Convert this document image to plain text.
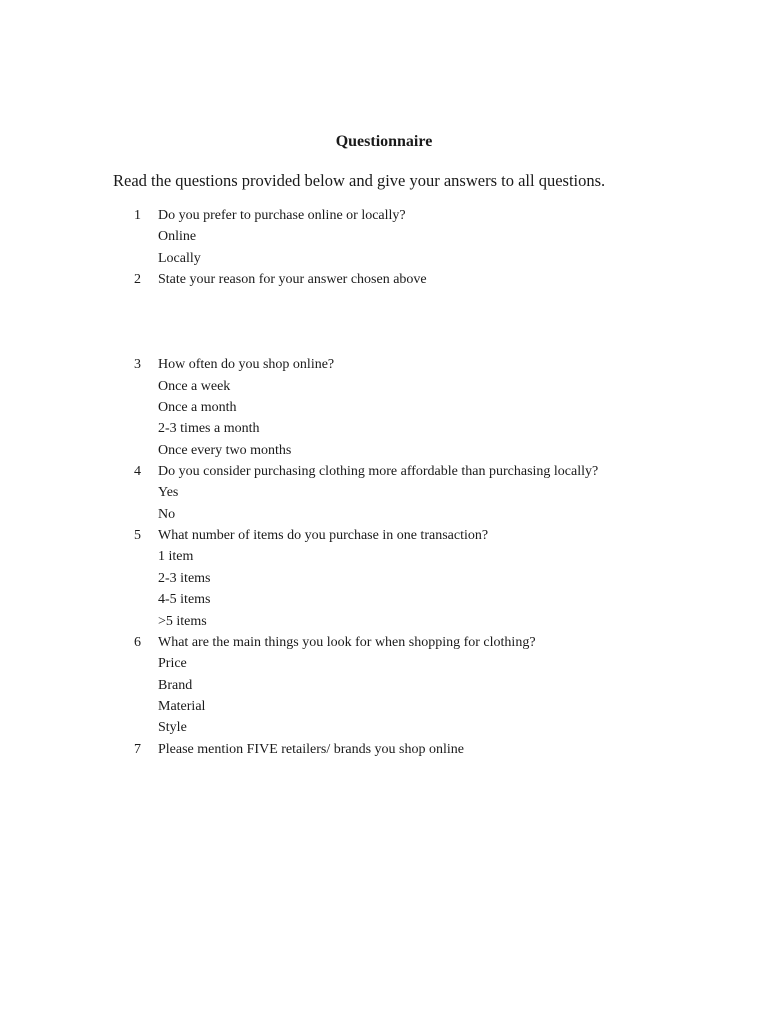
Questionnaire
Read the questions provided below and give your answers to all questions.
1 Do you prefer to purchase online or locally?
Online
Locally
2 State your reason for your answer chosen above
3 How often do you shop online?
Once a week
Once a month
2-3 times a month
Once every two months
4 Do you consider purchasing clothing more affordable than purchasing locally?
Yes
No
5 What number of items do you purchase in one transaction?
1 item
2-3 items
4-5 items
>5 items
6 What are the main things you look for when shopping for clothing?
Price
Brand
Material
Style
7 Please mention FIVE retailers/ brands you shop online
